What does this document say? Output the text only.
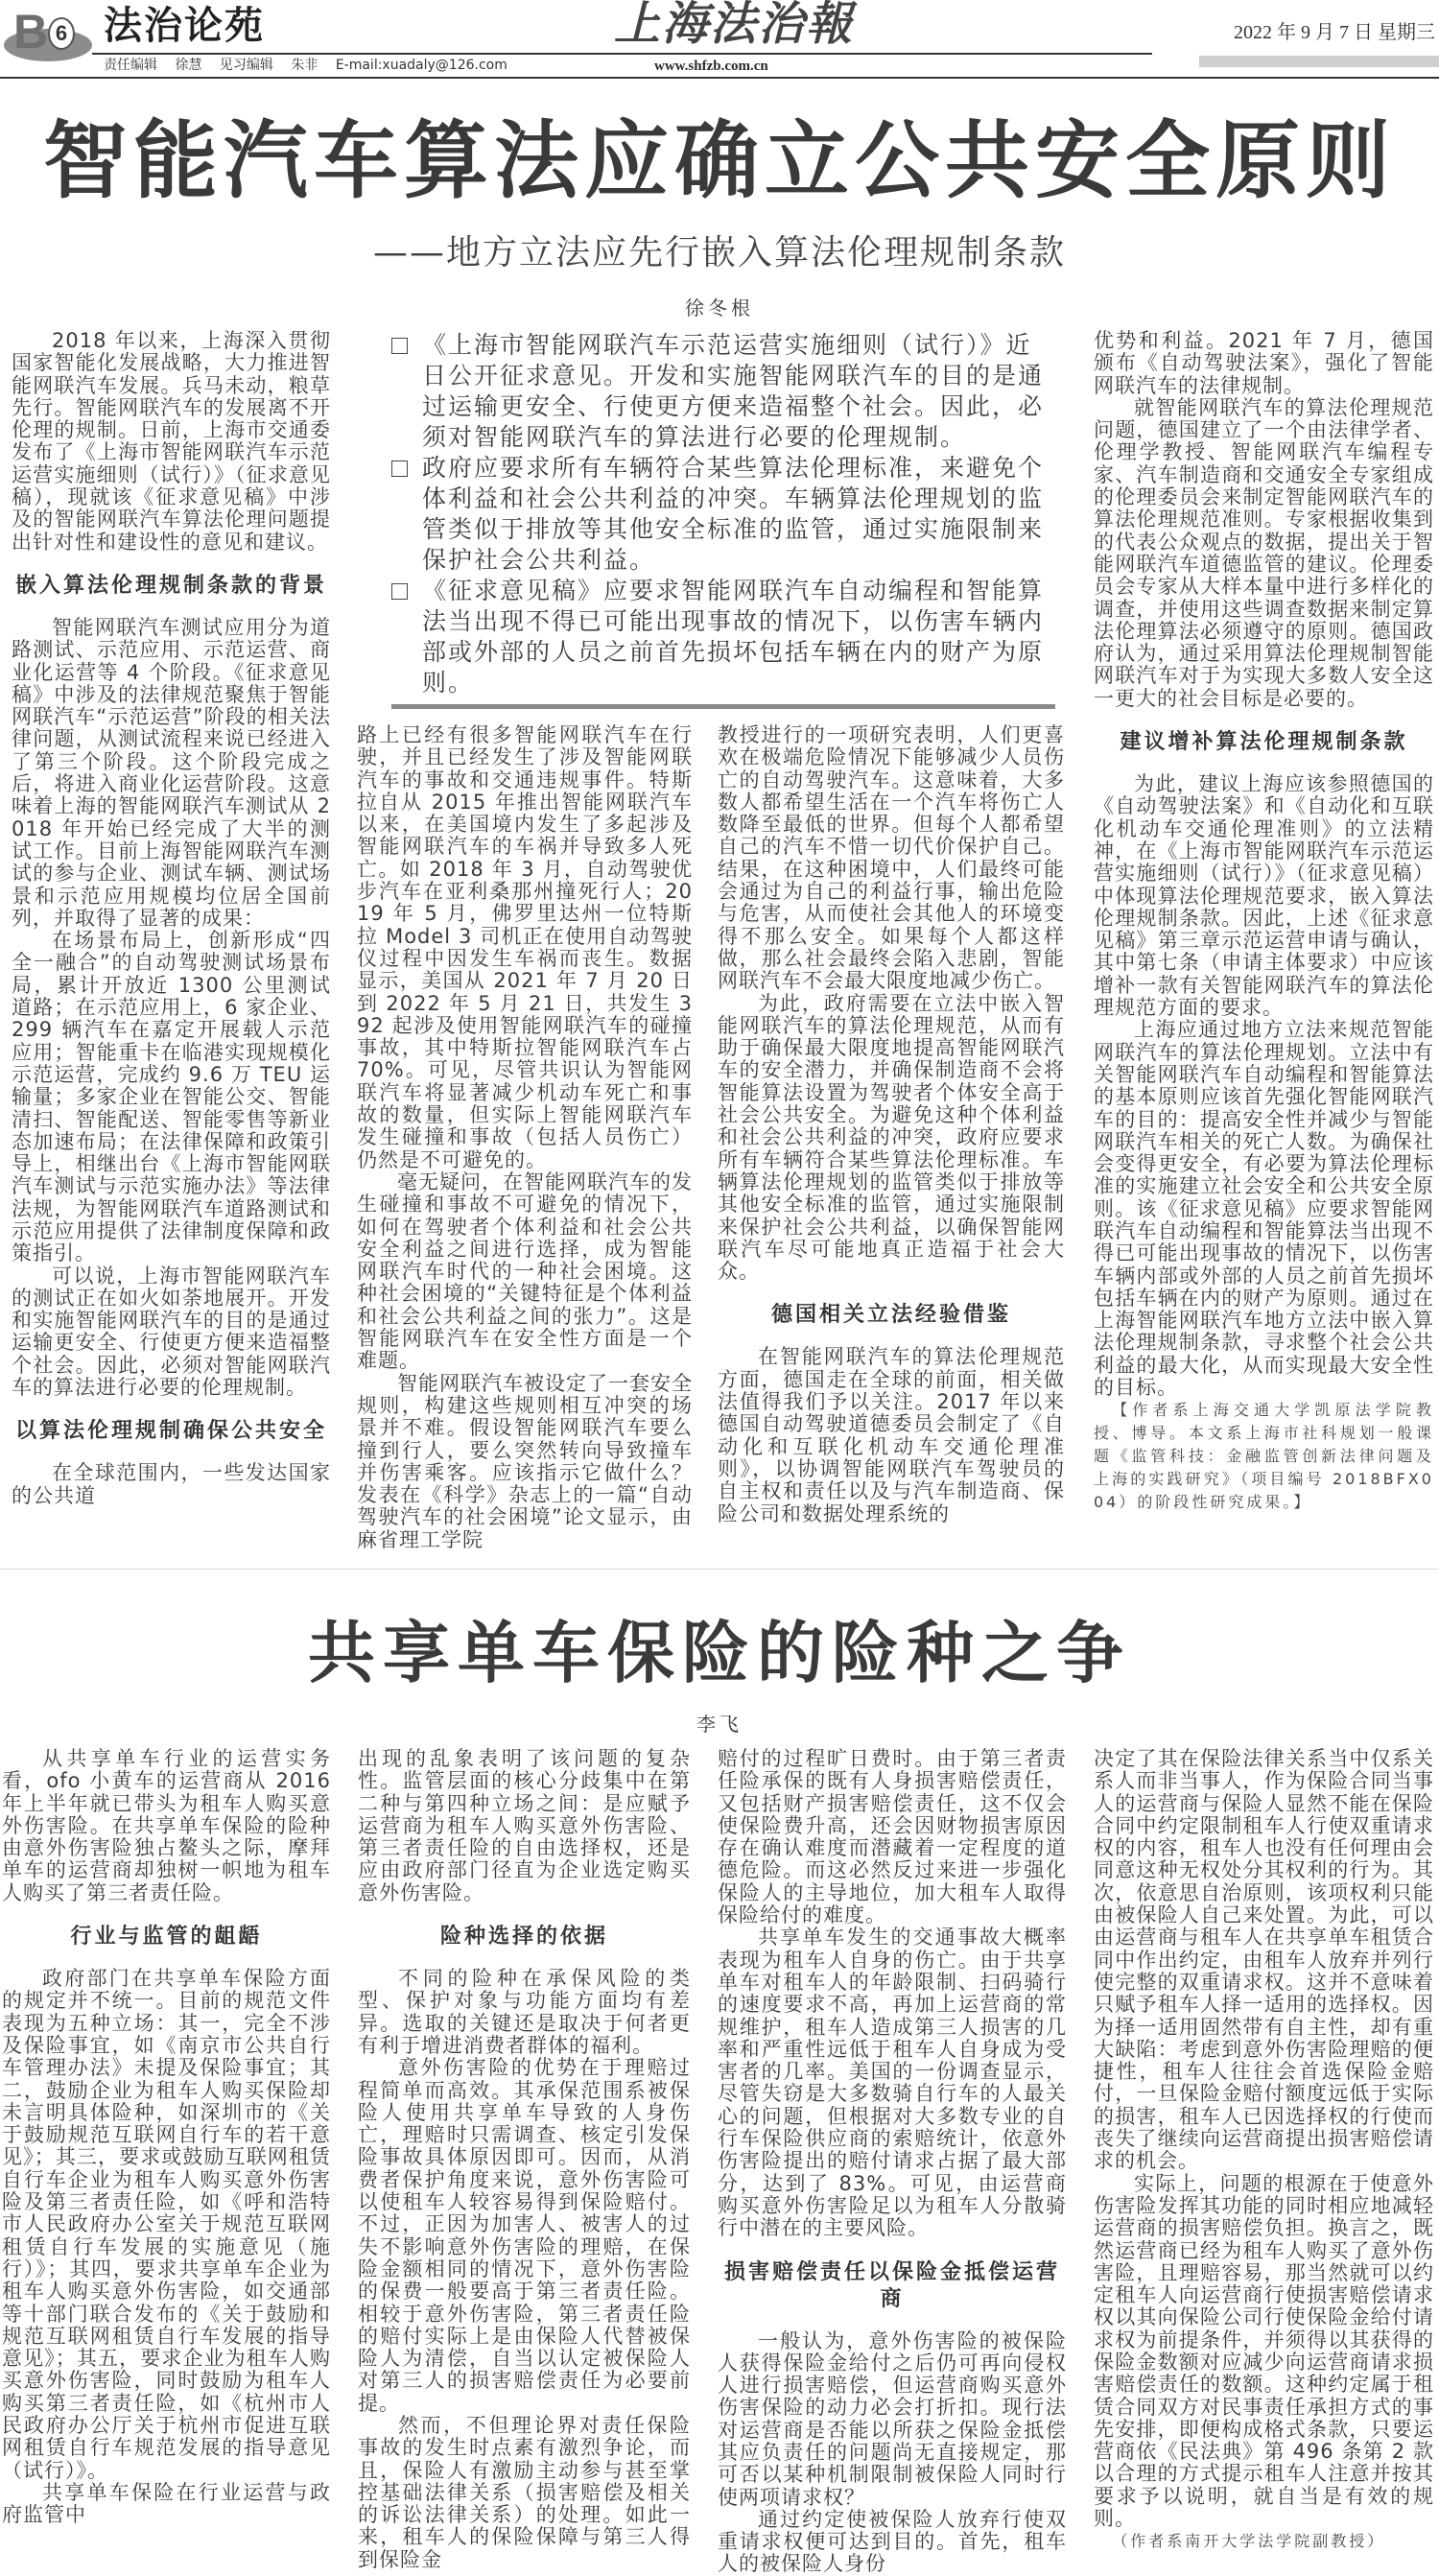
B 6 法治论苑	上海法治報	2022 年 9 月 7 日 星期三
责任编辑 徐慧 见习编辑 朱非 E-mail:xuadaly@126.com	www.shfzb.com.cn
智能汽车算法应确立公共安全原则
——地方立法应先行嵌入算法伦理规制条款
徐冬根

2018 年以来，上海深入贯彻国家智能化发展战略，大力推进智能网联汽车发展。兵马未动，粮草先行。智能网联汽车的发展离不开伦理的规制。日前，上海市交通委发布了《上海市智能网联汽车示范运营实施细则（试行）》（征求意见稿），现就该《征求意见稿》中涉及的智能网联汽车算法伦理问题提出针对性和建设性的意见和建议。

嵌入算法伦理规制条款的背景

智能网联汽车测试应用分为道路测试、示范应用、示范运营、商业化运营等 4 个阶段。《征求意见稿》中涉及的法律规范聚焦于智能网联汽车“示范运营”阶段的相关法律问题，从测试流程来说已经进入了第三个阶段。这个阶段完成之后，将进入商业化运营阶段。这意味着上海的智能网联汽车测试从 2018 年开始已经完成了大半的测试工作。目前上海智能网联汽车测试的参与企业、测试车辆、测试场景和示范应用规模均位居全国前列，并取得了显著的成果：

在场景布局上，创新形成“四全一融合”的自动驾驶测试场景布局，累计开放近 1300 公里测试道路；在示范应用上，6 家企业、299 辆汽车在嘉定开展载人示范应用；智能重卡在临港实现规模化示范运营，完成约 9.6 万 TEU 运输量；多家企业在智能公交、智能清扫、智能配送、智能零售等新业态加速布局；在法律保障和政策引导上，相继出台《上海市智能网联汽车测试与示范实施办法》等法律法规，为智能网联汽车道路测试和示范应用提供了法律制度保障和政策指引。

可以说，上海市智能网联汽车的测试正在如火如荼地展开。开发和实施智能网联汽车的目的是通过运输更安全、行使更方便来造福整个社会。因此，必须对智能网联汽车的算法进行必要的伦理规制。

以算法伦理规制确保公共安全

在全球范围内，一些发达国家的公共道

《上海市智能网联汽车示范运营实施细则（试行）》近日公开征求意见。开发和实施智能网联汽车的目的是通过运输更安全、行使更方便来造福整个社会。因此，必须对智能网联汽车的算法进行必要的伦理规制。
政府应要求所有车辆符合某些算法伦理标准，来避免个体利益和社会公共利益的冲突。车辆算法伦理规划的监管类似于排放等其他安全标准的监管，通过实施限制来保护社会公共利益。
《征求意见稿》应要求智能网联汽车自动编程和智能算法当出现不得已可能出现事故的情况下，以伤害车辆内部或外部的人员之前首先损坏包括车辆在内的财产为原则。

路上已经有很多智能网联汽车在行驶，并且已经发生了涉及智能网联汽车的事故和交通违规事件。特斯拉自从 2015 年推出智能网联汽车以来，在美国境内发生了多起涉及智能网联汽车的车祸并导致多人死亡。如 2018 年 3 月，自动驾驶优步汽车在亚利桑那州撞死行人；2019 年 5 月，佛罗里达州一位特斯拉 Model 3 司机正在使用自动驾驶仪过程中因发生车祸而丧生。数据显示，美国从 2021 年 7 月 20 日到 2022 年 5 月 21 日，共发生 392 起涉及使用智能网联汽车的碰撞事故，其中特斯拉智能网联汽车占 70%。可见，尽管共识认为智能网联汽车将显著减少机动车死亡和事故的数量，但实际上智能网联汽车发生碰撞和事故（包括人员伤亡）仍然是不可避免的。

毫无疑问，在智能网联汽车的发生碰撞和事故不可避免的情况下，如何在驾驶者个体利益和社会公共安全利益之间进行选择，成为智能网联汽车时代的一种社会困境。这种社会困境的“关键特征是个体利益和社会公共利益之间的张力”。这是智能网联汽车在安全性方面是一个难题。

智能网联汽车被设定了一套安全规则，构建这些规则相互冲突的场景并不难。假设智能网联汽车要么撞到行人，要么突然转向导致撞车并伤害乘客。应该指示它做什么？发表在《科学》杂志上的一篇“自动驾驶汽车的社会困境”论文显示，由麻省理工学院

教授进行的一项研究表明，人们更喜欢在极端危险情况下能够减少人员伤亡的自动驾驶汽车。这意味着，大多数人都希望生活在一个汽车将伤亡人数降至最低的世界。但每个人都希望自己的汽车不惜一切代价保护自己。结果，在这种困境中，人们最终可能会通过为自己的利益行事，输出危险与危害，从而使社会其他人的环境变得不那么安全。如果每个人都这样做，那么社会最终会陷入悲剧，智能网联汽车不会最大限度地减少伤亡。

为此，政府需要在立法中嵌入智能网联汽车的算法伦理规范，从而有助于确保最大限度地提高智能网联汽车的安全潜力，并确保制造商不会将智能算法设置为驾驶者个体安全高于社会公共安全。为避免这种个体利益和社会公共利益的冲突，政府应要求所有车辆符合某些算法伦理标准。车辆算法伦理规划的监管类似于排放等其他安全标准的监管，通过实施限制来保护社会公共利益，以确保智能网联汽车尽可能地真正造福于社会大众。

德国相关立法经验借鉴

在智能网联汽车的算法伦理规范方面，德国走在全球的前面，相关做法值得我们予以关注。2017 年以来德国自动驾驶道德委员会制定了《自动化和互联化机动车交通伦理准则》，以协调智能网联汽车驾驶员的自主权和责任以及与汽车制造商、保险公司和数据处理系统的

优势和利益。2021 年 7 月，德国颁布《自动驾驶法案》，强化了智能网联汽车的法律规制。

就智能网联汽车的算法伦理规范问题，德国建立了一个由法律学者、伦理学教授、智能网联汽车编程专家、汽车制造商和交通安全专家组成的伦理委员会来制定智能网联汽车的算法伦理规范准则。专家根据收集到的代表公众观点的数据，提出关于智能网联汽车道德监管的建议。伦理委员会专家从大样本量中进行多样化的调查，并使用这些调查数据来制定算法伦理算法必须遵守的原则。德国政府认为，通过采用算法伦理规制智能网联汽车对于为实现大多数人安全这一更大的社会目标是必要的。

建议增补算法伦理规制条款

为此，建议上海应该参照德国的《自动驾驶法案》和《自动化和互联化机动车交通伦理准则》的立法精神，在《上海市智能网联汽车示范运营实施细则（试行）》（征求意见稿）中体现算法伦理规范要求，嵌入算法伦理规制条款。因此，上述《征求意见稿》第三章示范运营申请与确认，其中第七条（申请主体要求）中应该增补一款有关智能网联汽车的算法伦理规范方面的要求。

上海应通过地方立法来规范智能网联汽车的算法伦理规划。立法中有关智能网联汽车自动编程和智能算法的基本原则应该首先强化智能网联汽车的目的：提高安全性并减少与智能网联汽车相关的死亡人数。为确保社会变得更安全，有必要为算法伦理标准的实施建立社会安全和公共安全原则。该《征求意见稿》应要求智能网联汽车自动编程和智能算法当出现不得已可能出现事故的情况下，以伤害车辆内部或外部的人员之前首先损坏包括车辆在内的财产为原则。通过在上海智能网联汽车地方立法中嵌入算法伦理规制条款，寻求整个社会公共利益的最大化，从而实现最大安全性的目标。

【作者系上海交通大学凯原法学院教授、博导。本文系上海市社科规划一般课题《监管科技：金融监管创新法律问题及上海的实践研究》（项目编号 2018BFX004）的阶段性研究成果。】

共享单车保险的险种之争
李飞

从共享单车行业的运营实务看，ofo 小黄车的运营商从 2016 年上半年就已带头为租车人购买意外伤害险。在共享单车保险的险种由意外伤害险独占鳌头之际，摩拜单车的运营商却独树一帜地为租车人购买了第三者责任险。

行业与监管的龃龉

政府部门在共享单车保险方面的规定并不统一。目前的规范文件表现为五种立场：其一，完全不涉及保险事宜，如《南京市公共自行车管理办法》未提及保险事宜；其二，鼓励企业为租车人购买保险却未言明具体险种，如深圳市的《关于鼓励规范互联网自行车的若干意见》；其三，要求或鼓励互联网租赁自行车企业为租车人购买意外伤害险及第三者责任险，如《呼和浩特市人民政府办公室关于规范互联网租赁自行车发展的实施意见（施行）》；其四，要求共享单车企业为租车人购买意外伤害险，如交通部等十部门联合发布的《关于鼓励和规范互联网租赁自行车发展的指导意见》；其五，要求企业为租车人购买意外伤害险，同时鼓励为租车人购买第三者责任险，如《杭州市人民政府办公厅关于杭州市促进互联网租赁自行车规范发展的指导意见（试行）》。

共享单车保险在行业运营与政府监管中

出现的乱象表明了该问题的复杂性。监管层面的核心分歧集中在第二种与第四种立场之间：是应赋予运营商为租车人购买意外伤害险、第三者责任险的自由选择权，还是应由政府部门径直为企业选定购买意外伤害险。

险种选择的依据

不同的险种在承保风险的类型、保护对象与功能方面均有差异。选取的关键还是取决于何者更有利于增进消费者群体的福利。

意外伤害险的优势在于理赔过程简单而高效。其承保范围系被保险人使用共享单车导致的人身伤亡，理赔时只需调查、核定引发保险事故具体原因即可。因而，从消费者保护角度来说，意外伤害险可以使租车人较容易得到保险赔付。不过，正因为加害人、被害人的过失不影响意外伤害险的理赔，在保险金额相同的情况下，意外伤害险的保费一般要高于第三者责任险。相较于意外伤害险，第三者责任险的赔付实际上是由保险人代替被保险人为清偿，自当以认定被保险人对第三人的损害赔偿责任为必要前提。

然而，不但理论界对责任保险事故的发生时点素有激烈争论，而且，保险人有激励主动参与甚至掌控基础法律关系（损害赔偿及相关的诉讼法律关系）的处理。如此一来，租车人的保险保障与第三人得到保险金

赔付的过程旷日费时。由于第三者责任险承保的既有人身损害赔偿责任，又包括财产损害赔偿责任，这不仅会使保险费升高，还会因财物损害原因存在确认难度而潜藏着一定程度的道德危险。而这必然反过来进一步强化保险人的主导地位，加大租车人取得保险给付的难度。

共享单车发生的交通事故大概率表现为租车人自身的伤亡。由于共享单车对租车人的年龄限制、扫码骑行的速度要求不高，再加上运营商的常规维护，租车人造成第三人损害的几率和严重性远低于租车人自身成为受害者的几率。美国的一份调查显示，尽管失窃是大多数骑自行车的人最关心的问题，但根据对大多数专业的自行车保险供应商的索赔统计，依意外伤害险提出的赔付请求占据了最大部分，达到了 83%。可见，由运营商购买意外伤害险足以为租车人分散骑行中潜在的主要风险。

损害赔偿责任以保险金抵偿运营商

一般认为，意外伤害险的被保险人获得保险金给付之后仍可再向侵权人进行损害赔偿，但运营商购买意外伤害保险的动力必会打折扣。现行法对运营商是否能以所获之保险金抵偿其应负责任的问题尚无直接规定，那可否以某种机制限制被保险人同时行使两项请求权？

通过约定使被保险人放弃行使双重请求权便可达到目的。首先，租车人的被保险人身份

决定了其在保险法律关系当中仅系关系人而非当事人，作为保险合同当事人的运营商与保险人显然不能在保险合同中约定限制租车人行使双重请求权的内容，租车人也没有任何理由会同意这种无权处分其权利的行为。其次，依意思自治原则，该项权利只能由被保险人自己来处置。为此，可以由运营商与租车人在共享单车租赁合同中作出约定，由租车人放弃并列行使完整的双重请求权。这并不意味着只赋予租车人择一适用的选择权。因为择一适用固然带有自主性，却有重大缺陷：考虑到意外伤害险理赔的便捷性，租车人往往会首选保险金赔付，一旦保险金赔付额度远低于实际的损害，租车人已因选择权的行使而丧失了继续向运营商提出损害赔偿请求的机会。

实际上，问题的根源在于使意外伤害险发挥其功能的同时相应地减轻运营商的损害赔偿负担。换言之，既然运营商已经为租车人购买了意外伤害险，且理赔容易，那当然就可以约定租车人向运营商行使损害赔偿请求权以其向保险公司行使保险金给付请求权为前提条件，并须得以其获得的保险金数额对应减少向运营商请求损害赔偿责任的数额。这种约定属于租赁合同双方对民事责任承担方式的事先安排，即便构成格式条款，只要运营商依《民法典》第 496 条第 2 款以合理的方式提示租车人注意并按其要求予以说明，就自当是有效的规则。

（作者系南开大学法学院副教授）
